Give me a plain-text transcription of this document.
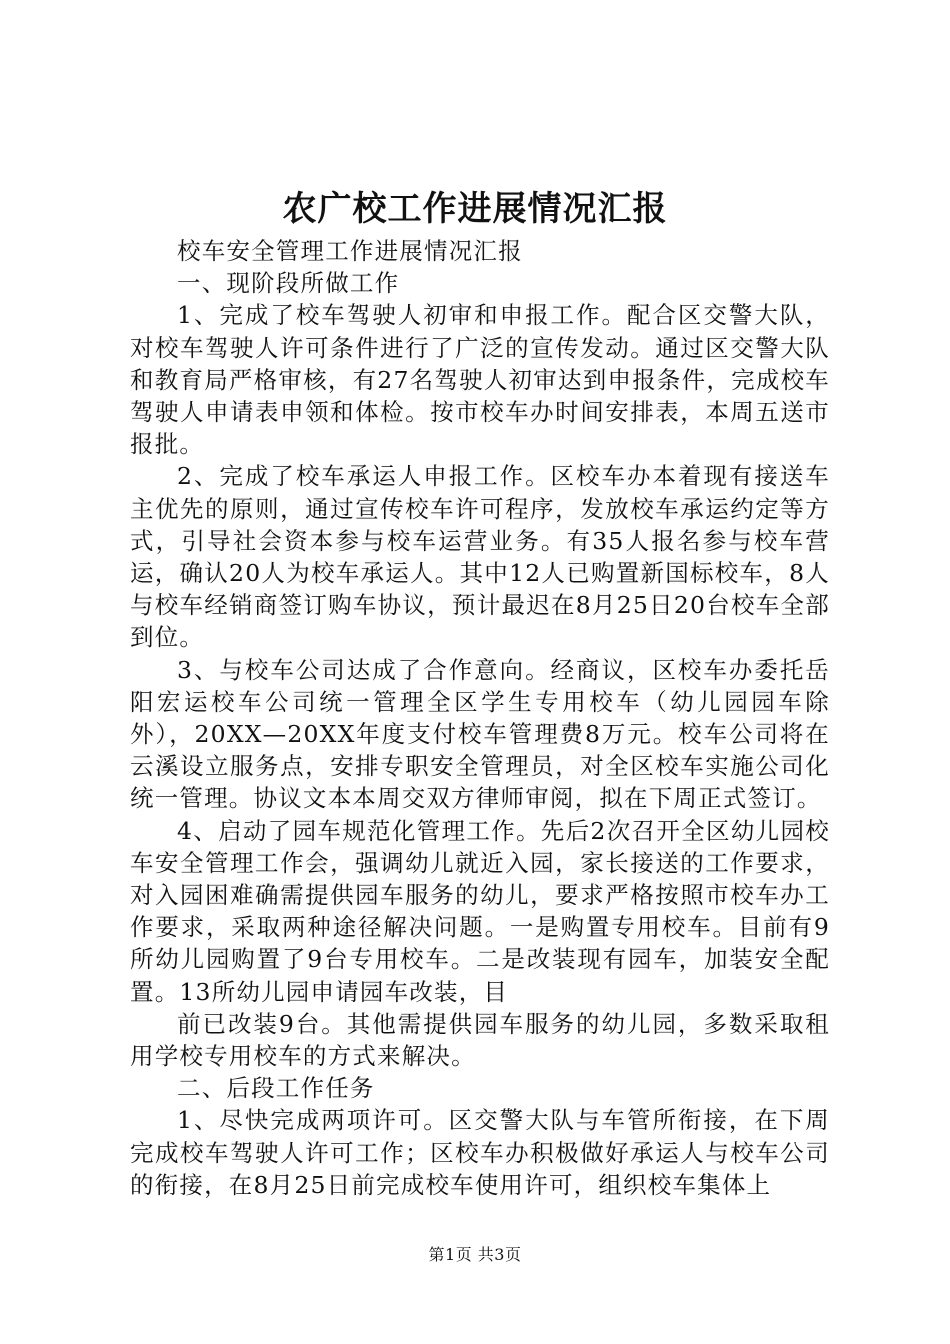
农广校工作进展情况汇报

校车安全管理工作进展情况汇报

一、现阶段所做工作

1、完成了校车驾驶人初审和申报工作。配合区交警大队，对校车驾驶人许可条件进行了广泛的宣传发动。通过区交警大队和教育局严格审核，有27名驾驶人初审达到申报条件，完成校车驾驶人申请表申领和体检。按市校车办时间安排表，本周五送市报批。

2、完成了校车承运人申报工作。区校车办本着现有接送车主优先的原则，通过宣传校车许可程序，发放校车承运约定等方式，引导社会资本参与校车运营业务。有35人报名参与校车营运，确认20人为校车承运人。其中12人已购置新国标校车，8人与校车经销商签订购车协议，预计最迟在8月25日20台校车全部到位。

3、与校车公司达成了合作意向。经商议，区校车办委托岳阳宏运校车公司统一管理全区学生专用校车（幼儿园园车除外），20XX—20XX年度支付校车管理费8万元。校车公司将在云溪设立服务点，安排专职安全管理员，对全区校车实施公司化统一管理。协议文本本周交双方律师审阅，拟在下周正式签订。

4、启动了园车规范化管理工作。先后2次召开全区幼儿园校车安全管理工作会，强调幼儿就近入园，家长接送的工作要求，对入园困难确需提供园车服务的幼儿，要求严格按照市校车办工作要求，采取两种途径解决问题。一是购置专用校车。目前有9所幼儿园购置了9台专用校车。二是改装现有园车，加装安全配置。13所幼儿园申请园车改装，目

前已改装9台。其他需提供园车服务的幼儿园，多数采取租用学校专用校车的方式来解决。

二、后段工作任务

1、尽快完成两项许可。区交警大队与车管所衔接，在下周完成校车驾驶人许可工作；区校车办积极做好承运人与校车公司的衔接，在8月25日前完成校车使用许可，组织校车集体上

第1页 共3页
